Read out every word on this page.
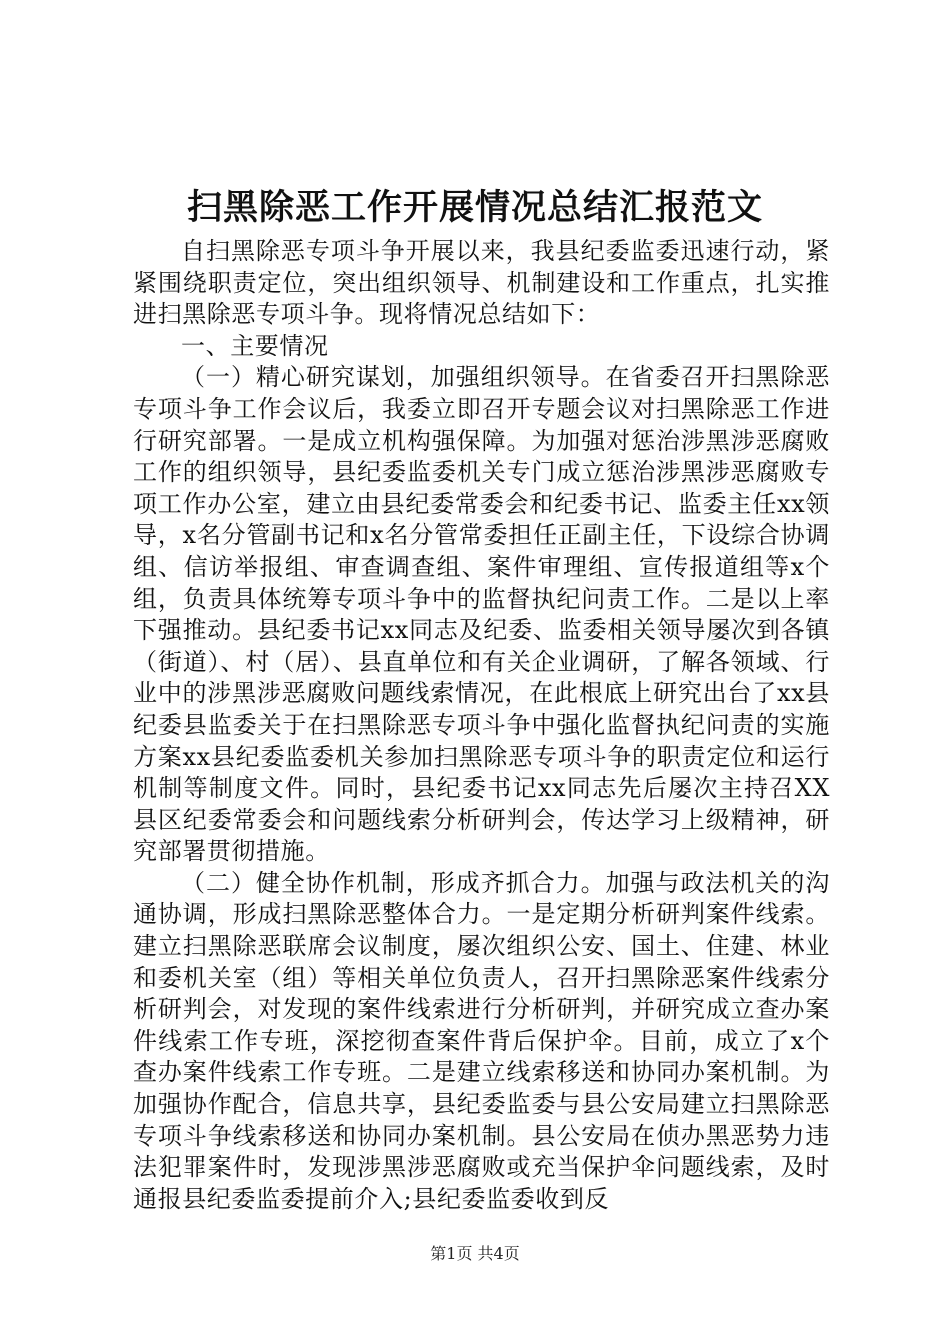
扫黑除恶工作开展情况总结汇报范文

自扫黑除恶专项斗争开展以来，我县纪委监委迅速行动，紧紧围绕职责定位，突出组织领导、机制建设和工作重点，扎实推进扫黑除恶专项斗争。现将情况总结如下：

一、主要情况

（一）精心研究谋划，加强组织领导。在省委召开扫黑除恶专项斗争工作会议后，我委立即召开专题会议对扫黑除恶工作进行研究部署。一是成立机构强保障。为加强对惩治涉黑涉恶腐败工作的组织领导，县纪委监委机关专门成立惩治涉黑涉恶腐败专项工作办公室，建立由县纪委常委会和纪委书记、监委主任xx领导，x名分管副书记和x名分管常委担任正副主任，下设综合协调组、信访举报组、审查调查组、案件审理组、宣传报道组等x个组，负责具体统筹专项斗争中的监督执纪问责工作。二是以上率下强推动。县纪委书记xx同志及纪委、监委相关领导屡次到各镇（街道）、村（居）、县直单位和有关企业调研，了解各领域、行业中的涉黑涉恶腐败问题线索情况，在此根底上研究出台了xx县纪委县监委关于在扫黑除恶专项斗争中强化监督执纪问责的实施方案xx县纪委监委机关参加扫黑除恶专项斗争的职责定位和运行机制等制度文件。同时，县纪委书记xx同志先后屡次主持召XX县区纪委常委会和问题线索分析研判会，传达学习上级精神，研究部署贯彻措施。

（二）健全协作机制，形成齐抓合力。加强与政法机关的沟通协调，形成扫黑除恶整体合力。一是定期分析研判案件线索。建立扫黑除恶联席会议制度，屡次组织公安、国土、住建、林业和委机关室（组）等相关单位负责人，召开扫黑除恶案件线索分析研判会，对发现的案件线索进行分析研判，并研究成立查办案件线索工作专班，深挖彻查案件背后保护伞。目前，成立了x个查办案件线索工作专班。二是建立线索移送和协同办案机制。为加强协作配合，信息共享，县纪委监委与县公安局建立扫黑除恶专项斗争线索移送和协同办案机制。县公安局在侦办黑恶势力违法犯罪案件时，发现涉黑涉恶腐败或充当保护伞问题线索，及时通报县纪委监委提前介入;县纪委监委收到反

第1页 共4页
